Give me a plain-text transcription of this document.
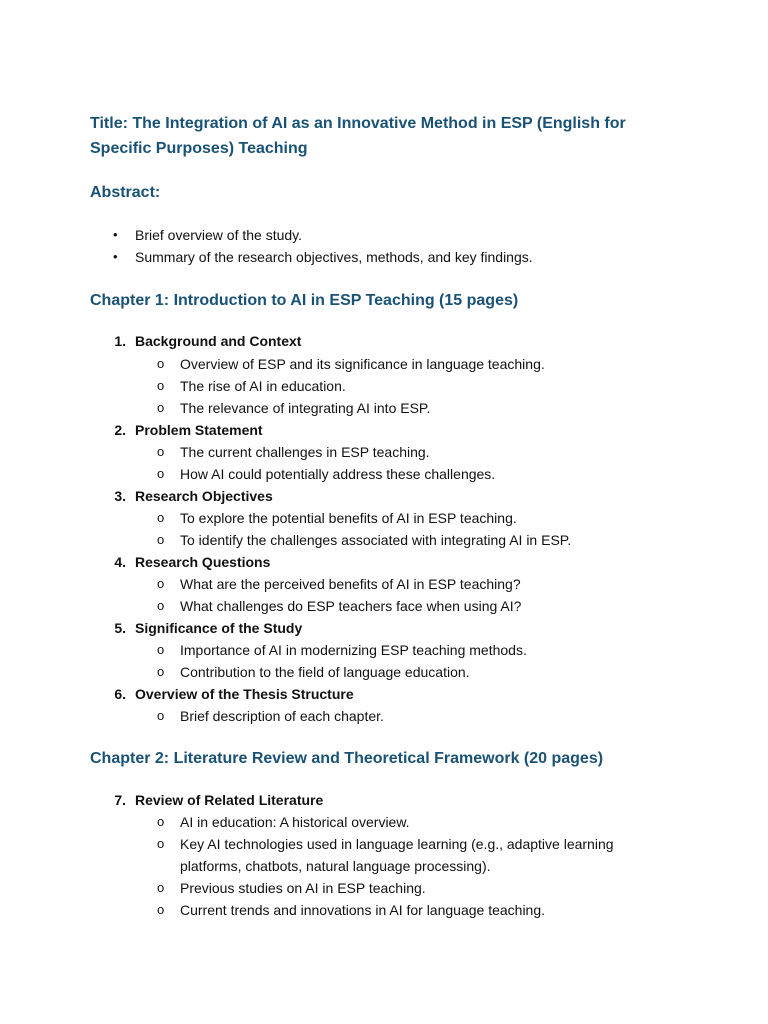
Title: The Integration of AI as an Innovative Method in ESP (English for Specific Purposes) Teaching
Abstract:
• Brief overview of the study.
• Summary of the research objectives, methods, and key findings.
Chapter 1: Introduction to AI in ESP Teaching (15 pages)
1. Background and Context
o Overview of ESP and its significance in language teaching.
o The rise of AI in education.
o The relevance of integrating AI into ESP.
2. Problem Statement
o The current challenges in ESP teaching.
o How AI could potentially address these challenges.
3. Research Objectives
o To explore the potential benefits of AI in ESP teaching.
o To identify the challenges associated with integrating AI in ESP.
4. Research Questions
o What are the perceived benefits of AI in ESP teaching?
o What challenges do ESP teachers face when using AI?
5. Significance of the Study
o Importance of AI in modernizing ESP teaching methods.
o Contribution to the field of language education.
6. Overview of the Thesis Structure
o Brief description of each chapter.
Chapter 2: Literature Review and Theoretical Framework (20 pages)
7. Review of Related Literature
o AI in education: A historical overview.
o Key AI technologies used in language learning (e.g., adaptive learning platforms, chatbots, natural language processing).
o Previous studies on AI in ESP teaching.
o Current trends and innovations in AI for language teaching.
